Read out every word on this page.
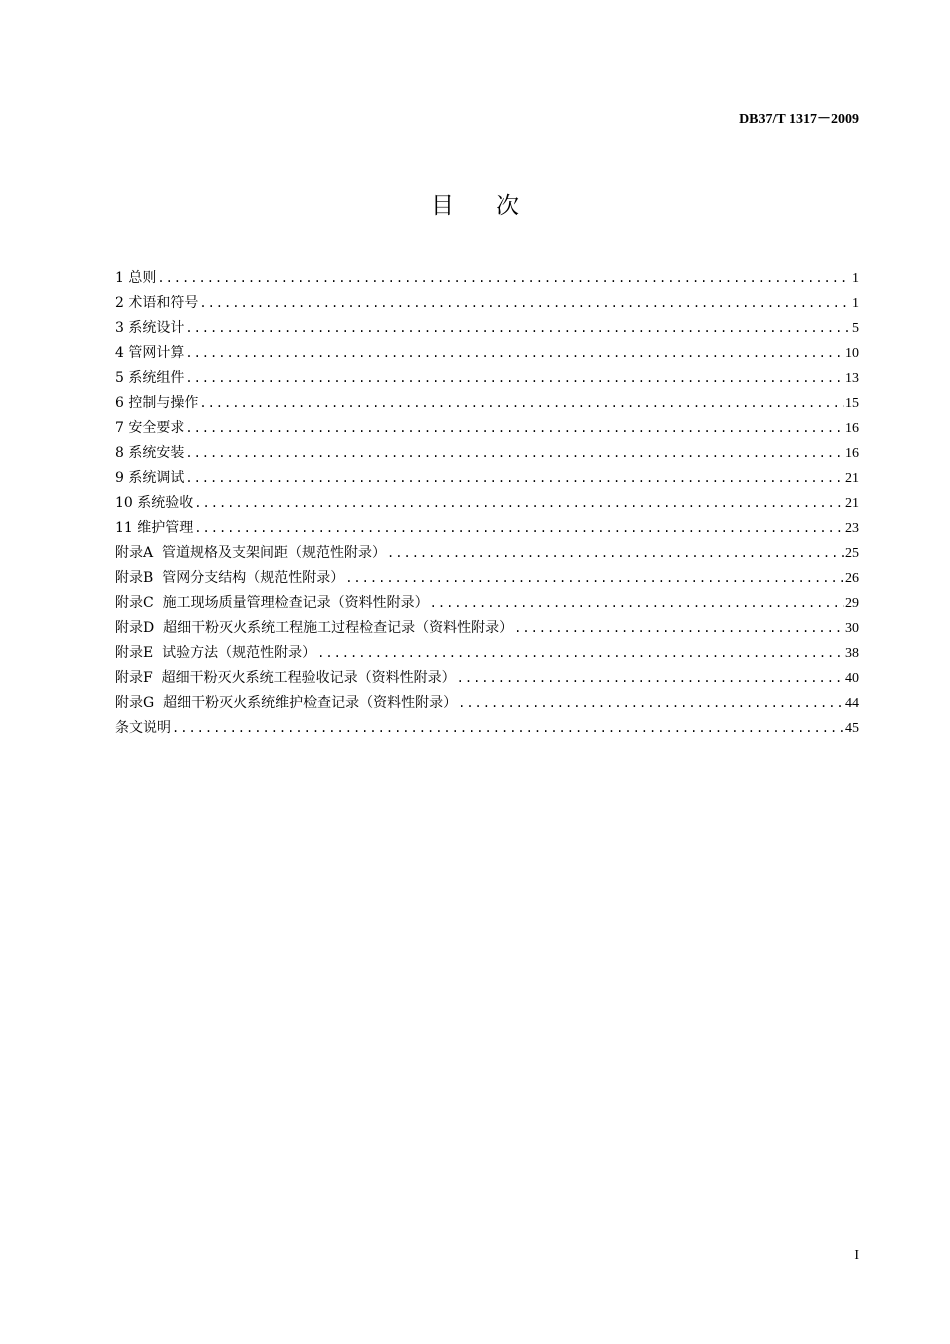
DB37/T 1317－2009
目次
1 总则 .....	1
2 术语和符号 .....	1
3 系统设计 .....	5
4 管网计算 .....	10
5 系统组件 .....	13
6 控制与操作 .....	15
7 安全要求 .....	16
8 系统安装 .....	16
9 系统调试 .....	21
10 系统验收 .....	21
11 维护管理 .....	23
附录A  管道规格及支架间距（规范性附录） .....	25
附录B  管网分支结构（规范性附录） .....	26
附录C  施工现场质量管理检查记录（资料性附录） .....	29
附录D  超细干粉灭火系统工程施工过程检查记录（资料性附录） .....	30
附录E  试验方法（规范性附录） .....	38
附录F  超细干粉灭火系统工程验收记录（资料性附录） .....	40
附录G  超细干粉灭火系统维护检查记录（资料性附录） .....	44
条文说明 .....	45
I
